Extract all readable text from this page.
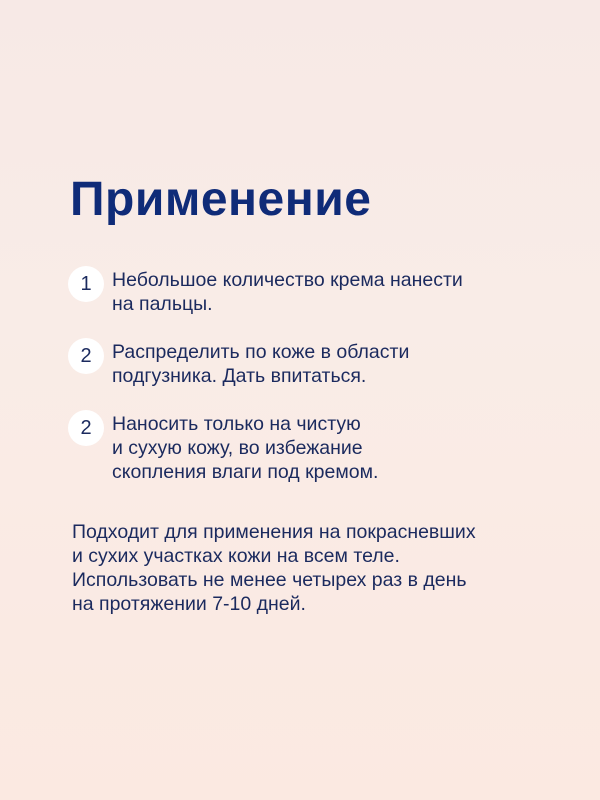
Применение
1	Небольшое количество крема нанести
на пальцы.
2	Распределить по коже в области
подгузника. Дать впитаться.
2	Наносить только на чистую
и сухую кожу, во избежание
скопления влаги под кремом.

Подходит для применения на покрасневших
и сухих участках кожи на всем теле.
Использовать не менее четырех раз в день
на протяжении 7-10 дней.
